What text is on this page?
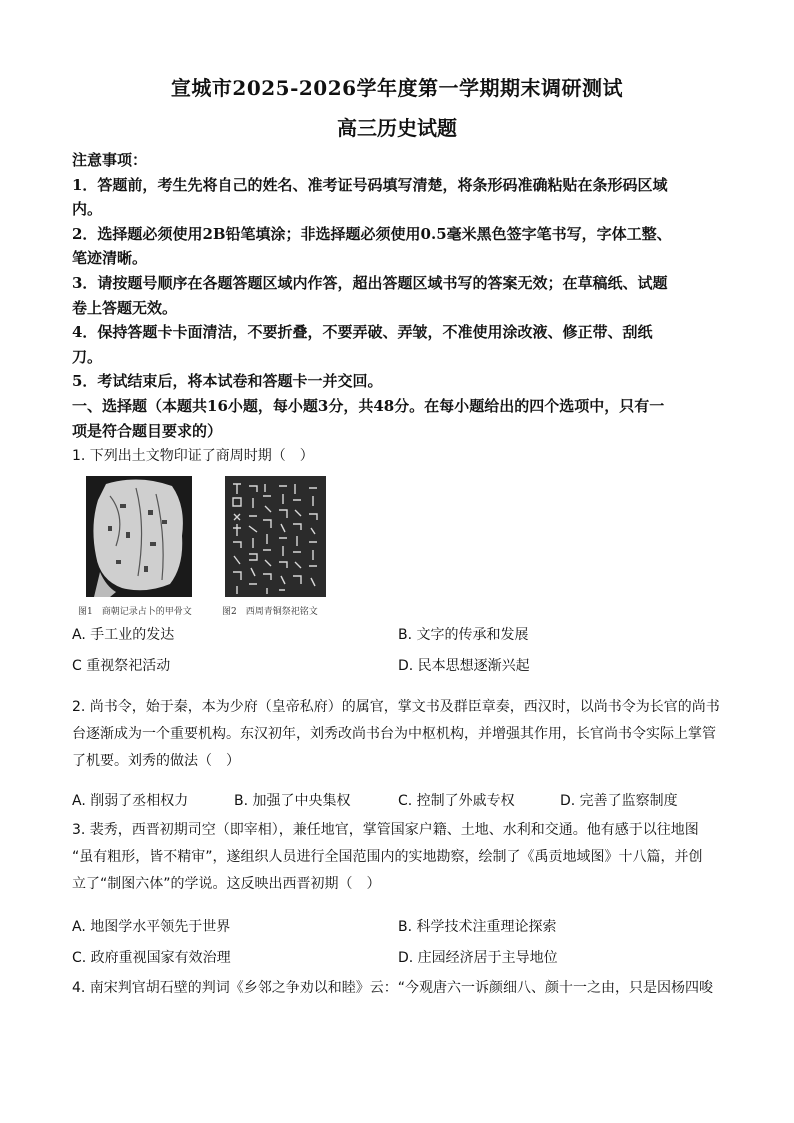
宣城市2025-2026学年度第一学期期末调研测试
高三历史试题

注意事项：

1．答题前，考生先将自己的姓名、准考证号码填写清楚，将条形码准确粘贴在条形码区域

内。

2．选择题必须使用2B铅笔填涂；非选择题必须使用0.5毫米黑色签字笔书写，字体工整、

笔迹清晰。

3．请按题号顺序在各题答题区域内作答，超出答题区域书写的答案无效；在草稿纸、试题

卷上答题无效。

4．保持答题卡卡面清洁，不要折叠，不要弄破、弄皱，不准使用涂改液、修正带、刮纸

刀。

5．考试结束后，将本试卷和答题卡一并交回。

一、选择题（本题共16小题，每小题3分，共48分。在每小题给出的四个选项中，只有一

项是符合题目要求的）

1. 下列出土文物印证了商周时期（　）

图1　商朝记录占卜的甲骨文	图2　西周青铜祭祀铭文
A. 手工业的发达	B. 文字的传承和发展
C 重视祭祀活动	D. 民本思想逐渐兴起

2. 尚书令，始于秦，本为少府（皇帝私府）的属官，掌文书及群臣章奏，西汉时，以尚书令为长官的尚书

台逐渐成为一个重要机构。东汉初年，刘秀改尚书台为中枢机构，并增强其作用，长官尚书令实际上掌管

了机要。刘秀的做法（　）

A. 削弱了丞相权力	B. 加强了中央集权	C. 控制了外戚专权	D. 完善了监察制度

3. 裴秀，西晋初期司空（即宰相），兼任地官，掌管国家户籍、土地、水利和交通。他有感于以往地图

“虽有粗形，皆不精审”，遂组织人员进行全国范围内的实地勘察，绘制了《禹贡地域图》十八篇，并创

立了“制图六体”的学说。这反映出西晋初期（　）

A. 地图学水平领先于世界	B. 科学技术注重理论探索
C. 政府重视国家有效治理	D. 庄园经济居于主导地位

4. 南宋判官胡石壁的判词《乡邻之争劝以和睦》云：“今观唐六一诉颜细八、颜十一之由，只是因杨四唆
